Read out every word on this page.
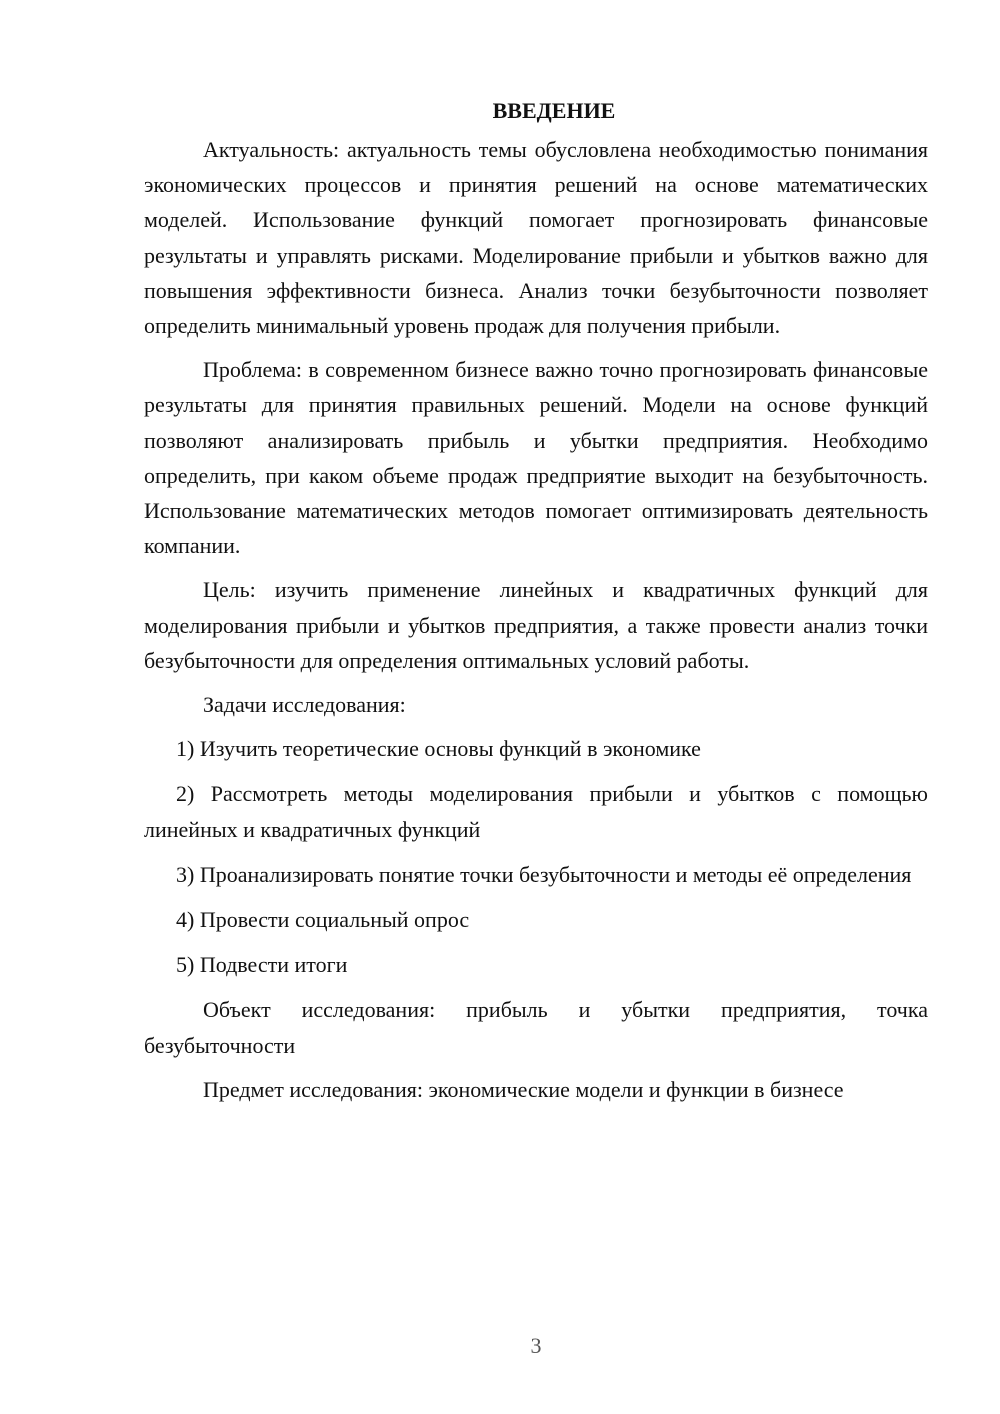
ВВЕДЕНИЕ

Актуальность: актуальность темы обусловлена необходимостью понимания экономических процессов и принятия решений на основе математических моделей. Использование функций помогает прогнозировать финансовые результаты и управлять рисками. Моделирование прибыли и убытков важно для повышения эффективности бизнеса. Анализ точки безубыточности позволяет определить минимальный уровень продаж для получения прибыли.

Проблема: в современном бизнесе важно точно прогнозировать финансовые результаты для принятия правильных решений. Модели на основе функций позволяют анализировать прибыль и убытки предприятия. Необходимо определить, при каком объеме продаж предприятие выходит на безубыточность. Использование математических методов помогает оптимизировать деятельность компании.

Цель: изучить применение линейных и квадратичных функций для моделирования прибыли и убытков предприятия, а также провести анализ точки безубыточности для определения оптимальных условий работы.

Задачи исследования:

1) Изучить теоретические основы функций в экономике

2) Рассмотреть методы моделирования прибыли и убытков с помощью линейных и квадратичных функций

3) Проанализировать понятие точки безубыточности и методы её определения

4) Провести социальный опрос

5) Подвести итоги

Объект исследования: прибыль и убытки предприятия, точка безубыточности

Предмет исследования: экономические модели и функции в бизнесе

3
